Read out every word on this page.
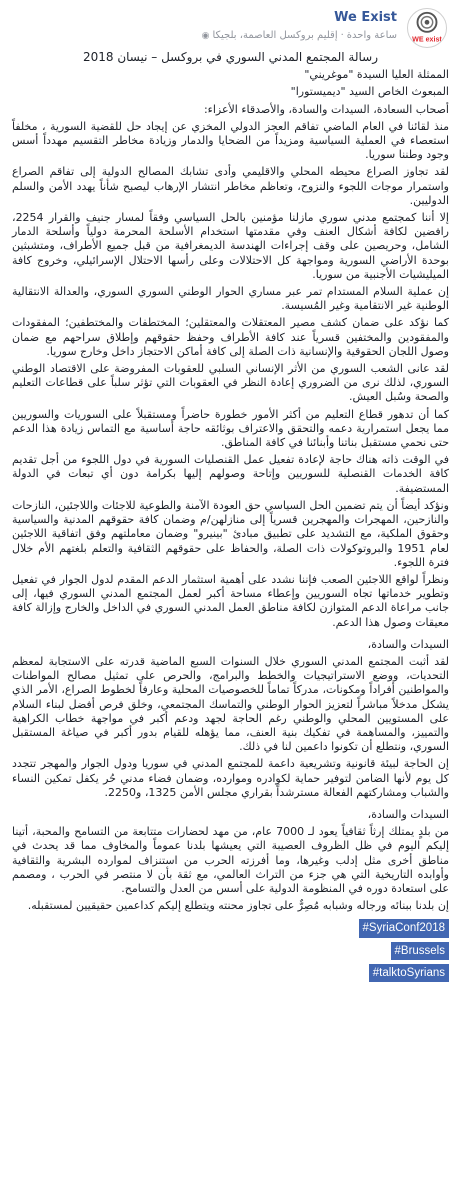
WE exist
We Exist
ساعة واحدة
·
إقليم بروكسل العاصمة، بلجيكا
◉

رسالة المجتمع المدني السوري في بروكسل – نيسان 2018

الممثلة العليا السيدة "موغريني"

المبعوث الخاص السيد "ديميستورا"

أصحاب السعادة، السيدات والسادة، والأصدقاء الأعزاء:

منذ لقائنا في العام الماضي تفاقم العجز الدولي المخزي عن إيجاد حل للقضية السورية ، مخلفاً استعصاء في العملية السياسية ومزيداً من الضحايا والدمار وزيادة مخاطر التقسيم مهدداً أسس وجود وطننا سوريا.

لقد تجاوز الصراع محيطه المحلي والاقليمي وأدى تشابك المصالح الدولية إلى تفاقم الصراع واستمرار موجات اللجوء والنزوح، وتعاظم مخاطر انتشار الإرهاب ليصبح شأناً يهدد الأمن والسلم الدوليين.

إلا أننا كمجتمع مدني سوري مازلنا مؤمنين بالحل السياسي وفقاً لمسار جنيف والقرار 2254، رافضين لكافة أشكال العنف وفي مقدمتها استخدام الأسلحة المحرمة دولياً وأسلحة الدمار الشامل، وحريصين على وقف إجراءات الهندسة الديمغرافية من قبل جميع الأطراف، ومتشبثين بوحدة الأراضي السورية ومواجهة كل الاحتلالات وعلى رأسها الاحتلال الإسرائيلي، وخروج كافة الميليشيات الأجنبية من سوريا.

إن عملية السلام المستدام تمر عبر مساري الحوار الوطني السوري السوري، والعدالة الانتقالية الوطنية غير الانتقامية وغير المُسيسة.

كما نؤكد على ضمان كشف مصير المعتقلات والمعتقلين؛ المختطفات والمختطفين؛ المفقودات والمفقودين والمختفين قسرياً عند كافة الأطراف وحفظ حقوقهم وإطلاق سراحهم مع ضمان وصول اللجان الحقوقية والإنسانية ذات الصلة إلى كافة أماكن الاحتجاز داخل وخارج سوريا.

لقد عانى الشعب السوري من الأثر الإنساني السلبي للعقوبات المفروضة على الاقتصاد الوطني السوري، لذلك نرى من الضروري إعادة النظر في العقوبات التي تؤثر سلباً على قطاعات التعليم والصحة وسُبل العيش.

كما أن تدهور قطاع التعليم من أكثر الأمور خطورة حاضراً ومستقبلاً على السوريات والسوريين مما يجعل استمرارية دعمه والتحقق والاعتراف بوثائقه حاجة أساسية مع التماس زيادة هذا الدعم حتى نحمي مستقبل بناتنا وأبنائنا في كافة المناطق.

في الوقت ذاته هناك حاجة لإعادة تفعيل عمل القنصليات السورية في دول اللجوء من أجل تقديم كافة الخدمات القنصلية للسوريين وإتاحة وصولهم إليها بكرامة دون أي تبعات في الدولة المستضيفة.

ونؤكد أيضاً أن يتم تضمين الحل السياسي حق العودة الآمنة والطوعية للاجئات واللاجئين، النازحات والنازحين، المهجرات والمهجرين قسرياً إلى منازلهن/م وضمان كافة حقوقهم المدنية والسياسية وحقوق الملكية، مع التشديد على تطبيق مبادئ "بينيرو" وضمان معاملتهم وفق اتفاقية اللاجئين لعام 1951 والبروتوكولات ذات الصلة، والحفاظ على حقوقهم الثقافية والتعلم بلغتهم الأم خلال فترة اللجوء.

ونظراً لواقع اللاجئين الصعب فإننا نشدد على أهمية استثمار الدعم المقدم لدول الجوار في تفعيل وتطوير خدماتها تجاه السوريين وإعطاء مساحة أكبر لعمل المجتمع المدني السوري فيها، إلى جانب مراعاة الدعم المتوازن لكافة مناطق العمل المدني السوري في الداخل والخارج وإزالة كافة معيقات وصول هذا الدعم.

السيدات والسادة،

لقد أثبت المجتمع المدني السوري خلال السنوات السبع الماضية قدرته على الاستجابة لمعظم التحديات، ووضع الاستراتيجيات والخطط والبرامج، والحرص على تمثيل مصالح المواطنات والمواطنين أفراداً ومكونات، مدركاً تماماً للخصوصيات المحلية وعارفاً لخطوط الصراع، الأمر الذي يشكل مدخلاً مباشراً لتعزيز الحوار الوطني والتماسك المجتمعي، وخلق فرص أفضل لبناء السلام على المستويين المحلي والوطني رغم الحاجة لجهد ودعم أكبر في مواجهة خطاب الكراهية والتمييز، والمساهمة في تفكيك بنية العنف، مما يؤهله للقيام بدور أكبر في صياغة المستقبل السوري، ونتطلع أن تكونوا داعمين لنا في ذلك.

إن الحاجة لبيئة قانونية وتشريعية داعمة للمجتمع المدني في سوريا ودول الجوار والمهجر تتجدد كل يوم لأنها الضامن لتوفير حماية لكوادره وموارده، وضمان فضاء مدني حُر يكفل تمكين النساء والشباب ومشاركتهم الفعالة مسترشداً بقراري مجلس الأمن 1325، و2250.

السيدات والسادة،

من بلدٍ يمتلك إرثاً ثقافياً يعود لـ 7000 عام، من مهد لحضارات متتابعة من التسامح والمحبة، أتينا إليكم اليوم في ظل الظروف العصيبة التي يعيشها بلدنا عموماً والمخاوف مما قد يحدث في مناطق أخرى مثل إدلب وغيرها، وما أفرزته الحرب من استنزاف لموارده البشرية والثقافية وأوابده التاريخية التي هي جزء من التراث العالمي، مع ثقة بأن لا منتصر في الحرب ، ومصمم على استعادة دوره في المنظومة الدولية على أسس من العدل والتسامح.

إن بلدنا ببنائه ورجاله وشبابه مُصِرٌّ على تجاوز محنته ويتطلع إليكم كداعمين حقيقيين لمستقبله.

#SyriaConf2018
#Brussels
#talktoSyrians
